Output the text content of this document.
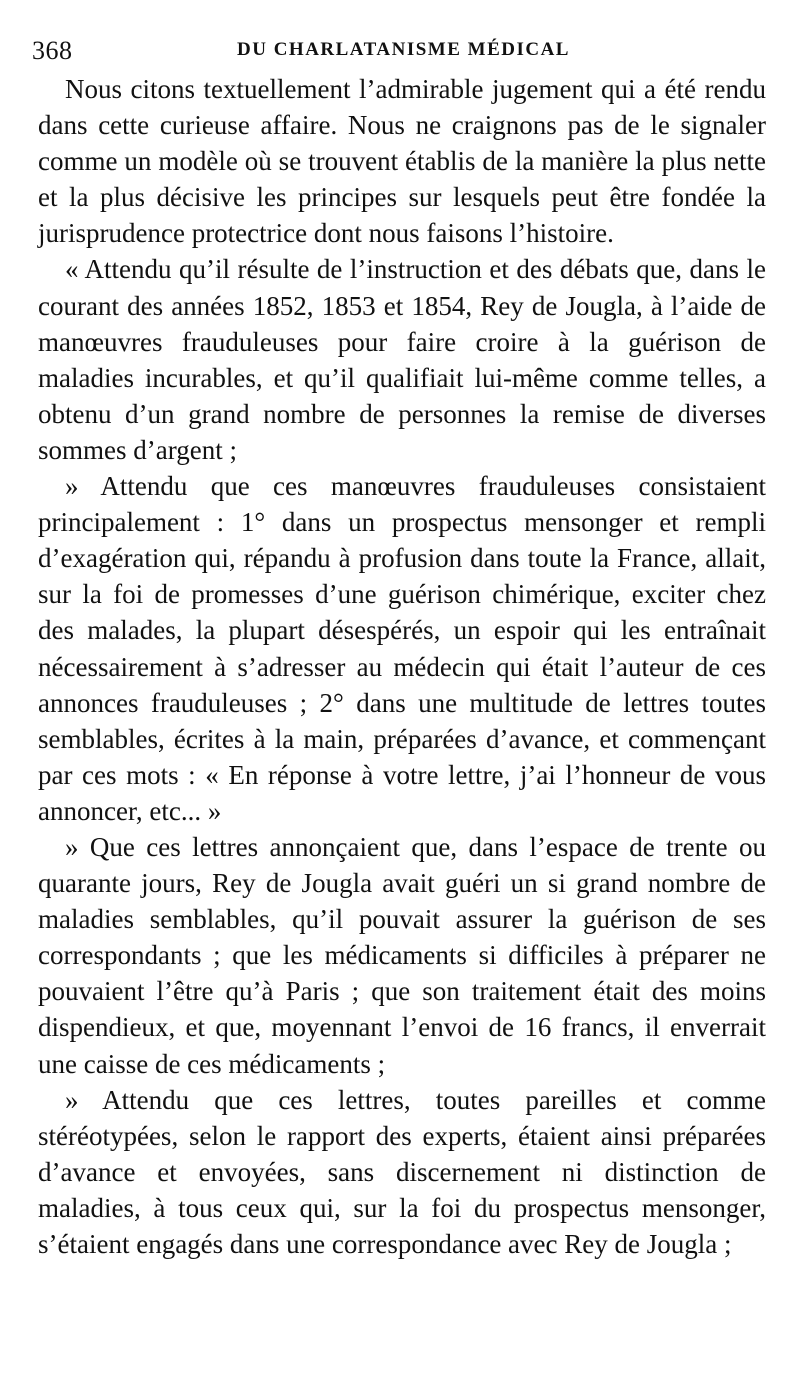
368	DU CHARLATANISME MÉDICAL

Nous citons textuellement l’admirable jugement qui a été rendu dans cette curieuse affaire. Nous ne craignons pas de le signaler comme un modèle où se trouvent établis de la manière la plus nette et la plus décisive les principes sur lesquels peut être fondée la jurisprudence protectrice dont nous faisons l’histoire.

« Attendu qu’il résulte de l’instruction et des débats que, dans le courant des années 1852, 1853 et 1854, Rey de Jougla, à l’aide de manœuvres frauduleuses pour faire croire à la guérison de maladies incurables, et qu’il qualifiait lui-même comme telles, a obtenu d’un grand nombre de personnes la remise de diverses sommes d’argent ;

» Attendu que ces manœuvres frauduleuses consistaient principalement : 1° dans un prospectus mensonger et rempli d’exagération qui, répandu à profusion dans toute la France, allait, sur la foi de promesses d’une guérison chimérique, exciter chez des malades, la plupart désespérés, un espoir qui les entraînait nécessairement à s’adresser au médecin qui était l’auteur de ces annonces frauduleuses ; 2° dans une multitude de lettres toutes semblables, écrites à la main, préparées d’avance, et commençant par ces mots : « En réponse à votre lettre, j’ai l’honneur de vous annoncer, etc... »

» Que ces lettres annonçaient que, dans l’espace de trente ou quarante jours, Rey de Jougla avait guéri un si grand nombre de maladies semblables, qu’il pouvait assurer la guérison de ses correspondants ; que les médicaments si difficiles à préparer ne pouvaient l’être qu’à Paris ; que son traitement était des moins dispendieux, et que, moyennant l’envoi de 16 francs, il enverrait une caisse de ces médicaments ;

» Attendu que ces lettres, toutes pareilles et comme stéréotypées, selon le rapport des experts, étaient ainsi préparées d’avance et envoyées, sans discernement ni distinction de maladies, à tous ceux qui, sur la foi du prospectus mensonger, s’étaient engagés dans une correspondance avec Rey de Jougla ;
